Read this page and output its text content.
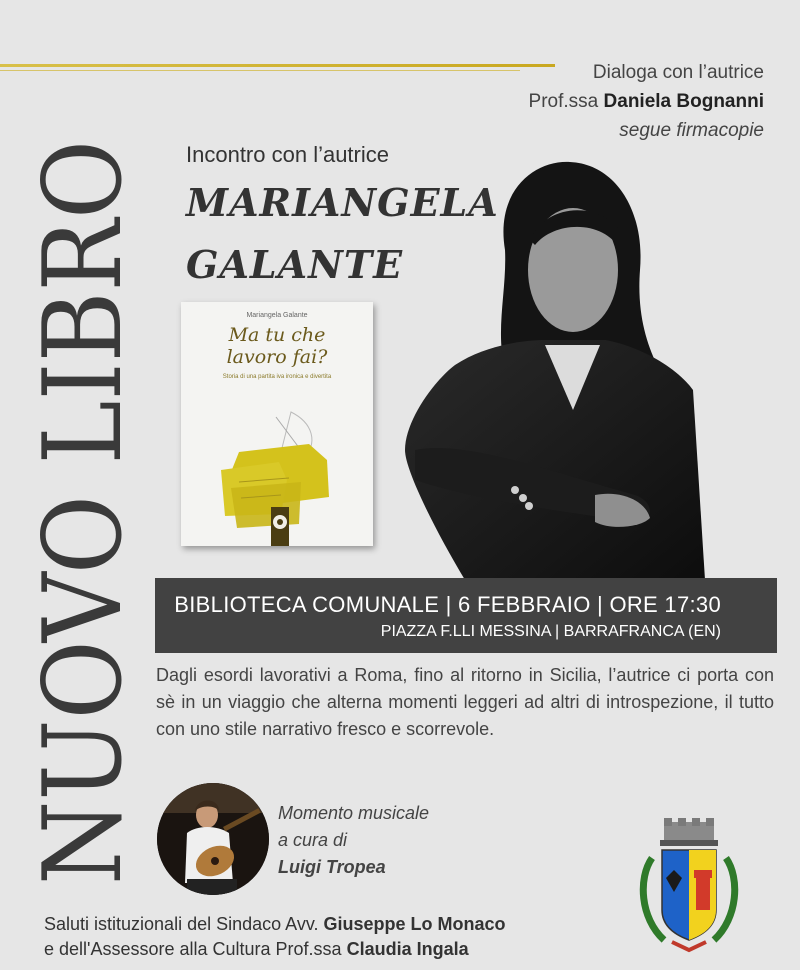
Dialoga con l’autrice
Prof.ssa Daniela Bognanni
segue firmacopie
NUOVO LIBRO Incontro con l’autrice
MARIANGELA
GALANTE
Mariangela Galante
Ma tu che
lavoro fai?
Storia di una partita iva ironica e divertita
BIBLIOTECA COMUNALE | 6 FEBBRAIO | ORE 17:30
PIAZZA F.LLI MESSINA | BARRAFRANCA (EN)
Dagli esordi lavorativi a Roma, fino al ritorno in Sicilia, l’autrice ci porta con sè in un viaggio che alterna momenti leggeri ad altri di introspezione, il tutto con uno stile narrativo fresco e scorrevole.
Momento musicale
a cura di
Luigi Tropea
Saluti istituzionali del Sindaco Avv. Giuseppe Lo Monaco
e dell'Assessore alla Cultura Prof.ssa Claudia Ingala
